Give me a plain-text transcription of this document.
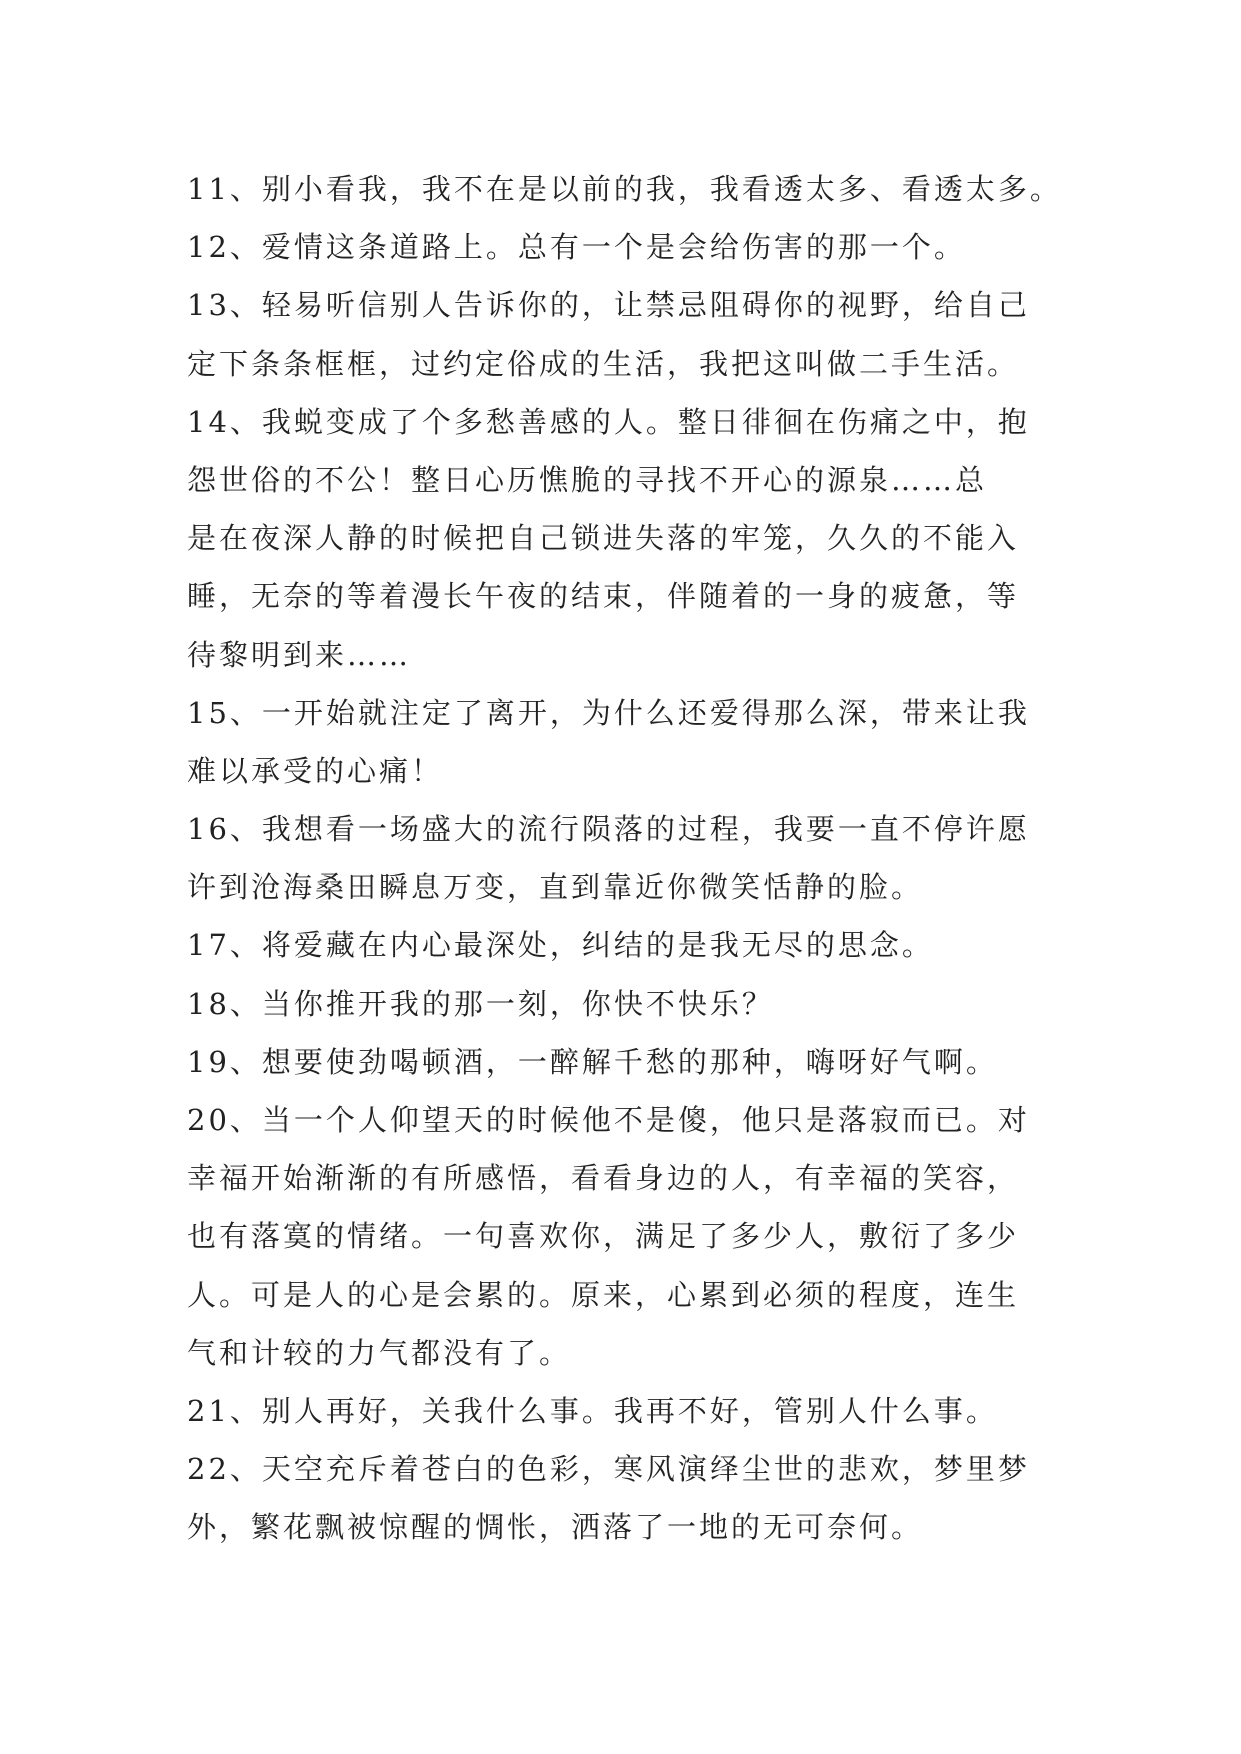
11、别小看我，我不在是以前的我，我看透太多、看透太多。
12、爱情这条道路上。总有一个是会给伤害的那一个。
13、轻易听信别人告诉你的，让禁忌阻碍你的视野，给自己
定下条条框框，过约定俗成的生活，我把这叫做二手生活。
14、我蜕变成了个多愁善感的人。整日徘徊在伤痛之中，抱
怨世俗的不公！整日心历憔脆的寻找不开心的源泉……总
是在夜深人静的时候把自己锁进失落的牢笼，久久的不能入
睡，无奈的等着漫长午夜的结束，伴随着的一身的疲惫，等
待黎明到来……
15、一开始就注定了离开，为什么还爱得那么深，带来让我
难以承受的心痛！
16、我想看一场盛大的流行陨落的过程，我要一直不停许愿
许到沧海桑田瞬息万变，直到靠近你微笑恬静的脸。
17、将爱藏在内心最深处，纠结的是我无尽的思念。
18、当你推开我的那一刻，你快不快乐？
19、想要使劲喝顿酒，一醉解千愁的那种，嗨呀好气啊。
20、当一个人仰望天的时候他不是傻，他只是落寂而已。对
幸福开始渐渐的有所感悟，看看身边的人，有幸福的笑容，
也有落寞的情绪。一句喜欢你，满足了多少人，敷衍了多少
人。可是人的心是会累的。原来，心累到必须的程度，连生
气和计较的力气都没有了。
21、别人再好，关我什么事。我再不好，管别人什么事。
22、天空充斥着苍白的色彩，寒风演绎尘世的悲欢，梦里梦
外，繁花飘被惊醒的惆怅，洒落了一地的无可奈何。
